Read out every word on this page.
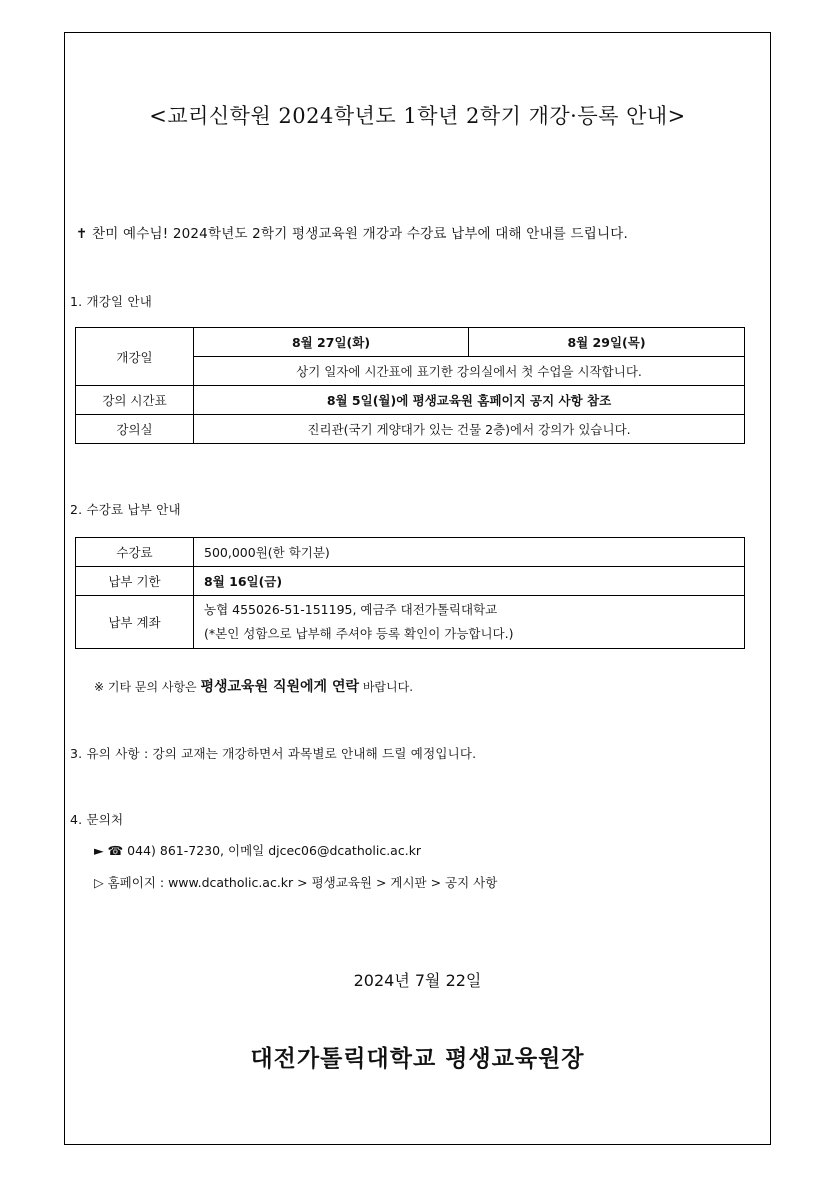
<교리신학원 2024학년도 1학년 2학기 개강·등록 안내>
✝ 찬미 예수님! 2024학년도 2학기 평생교육원 개강과 수강료 납부에 대해 안내를 드립니다.
1. 개강일 안내
개강일	8월 27일(화)	8월 29일(목)
	상기 일자에 시간표에 표기한 강의실에서 첫 수업을 시작합니다.	
강의 시간표	8월 5일(월)에 평생교육원 홈페이지 공지 사항 참조	
강의실	진리관(국기 게양대가 있는 건물 2층)에서 강의가 있습니다.	
2. 수강료 납부 안내
수강료	500,000원(한 학기분)
납부 기한	8월 16일(금)
납부 계좌	농협 455026-51-151195, 예금주 대전가톨릭대학교
(*본인 성함으로 납부해 주셔야 등록 확인이 가능합니다.)
※ 기타 문의 사항은 평생교육원 직원에게 연락 바랍니다.
3. 유의 사항 : 강의 교재는 개강하면서 과목별로 안내해 드릴 예정입니다.
4. 문의처
► ☎ 044) 861-7230, 이메일 djcec06@dcatholic.ac.kr
▷ 홈페이지 : www.dcatholic.ac.kr > 평생교육원 > 게시판 > 공지 사항
2024년 7월 22일
대전가톨릭대학교 평생교육원장
